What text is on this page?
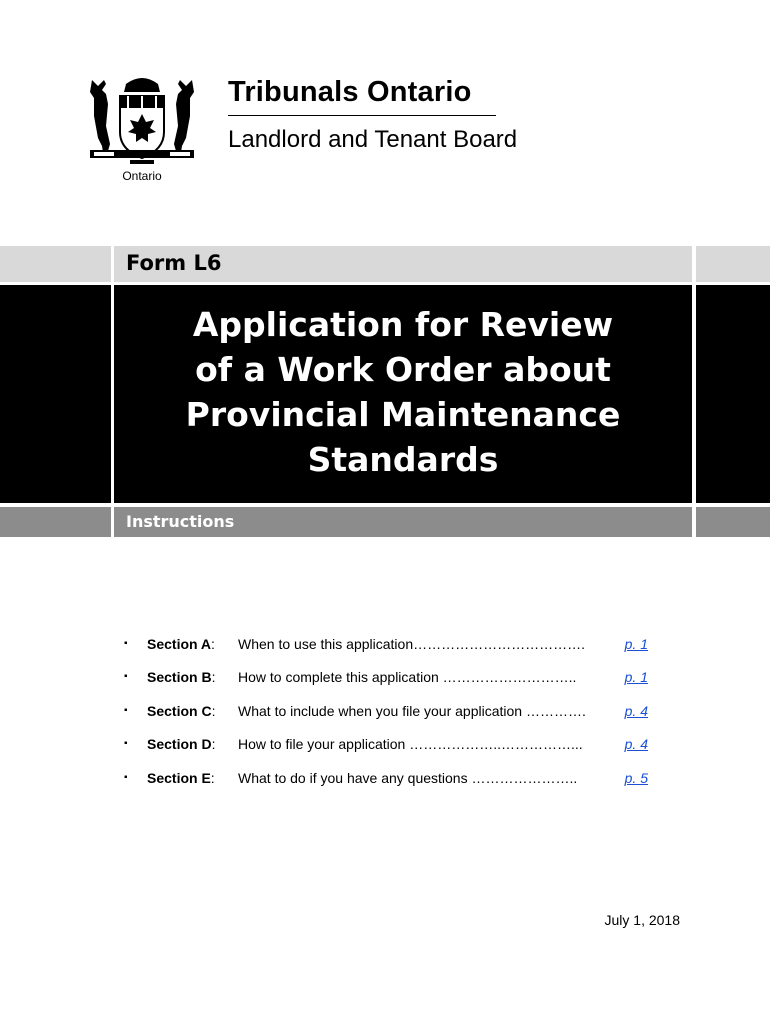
Ontario
Tribunals Ontario
Landlord and Tenant Board
Form L6
Application for Review
of a Work Order about
Provincial Maintenance
Standards
Instructions
▪ Section A: When to use this application……………………………….	p. 1
▪ Section B: How to complete this application ………………………..	p. 1
▪ Section C: What to include when you file your application ………….	p. 4
▪ Section D: How to file your application ………………..……………...	p. 4
▪ Section E: What to do if you have any questions …………………..	p. 5
July 1, 2018
